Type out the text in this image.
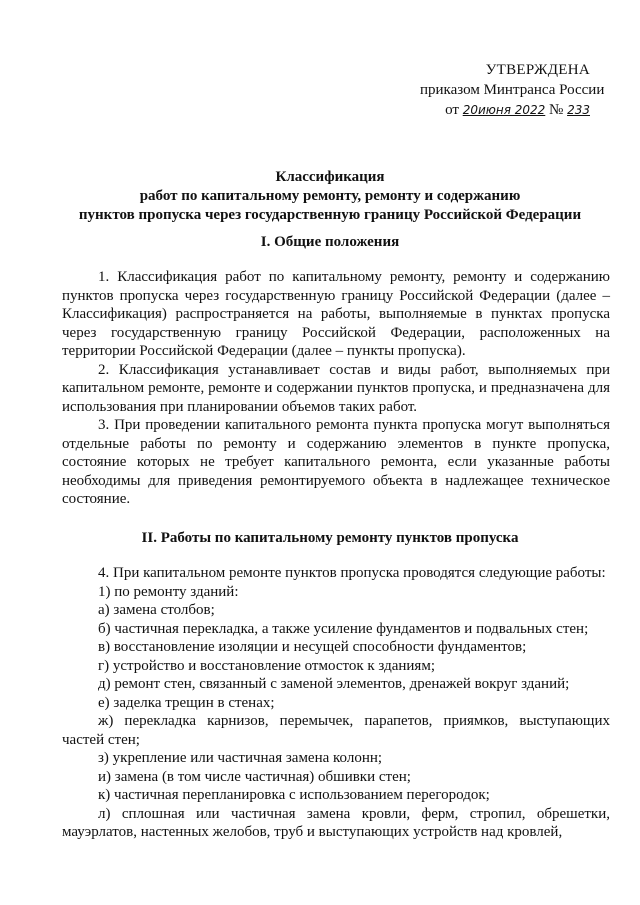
УТВЕРЖДЕНА
приказом Минтранса России
от 20июня 2022 № 233
Классификация
работ по капитальному ремонту, ремонту и содержанию
пунктов пропуска через государственную границу Российской Федерации
I. Общие положения

1. Классификация работ по капитальному ремонту, ремонту и содержанию пунктов пропуска через государственную границу Российской Федерации (далее – Классификация) распространяется на работы, выполняемые в пунктах пропуска через государственную границу Российской Федерации, расположенных на территории Российской Федерации (далее – пункты пропуска).

2. Классификация устанавливает состав и виды работ, выполняемых при капитальном ремонте, ремонте и содержании пунктов пропуска, и предназначена для использования при планировании объемов таких работ.

3. При проведении капитального ремонта пункта пропуска могут выполняться отдельные работы по ремонту и содержанию элементов в пункте пропуска, состояние которых не требует капитального ремонта, если указанные работы необходимы для приведения ремонтируемого объекта в надлежащее техническое состояние.

II. Работы по капитальному ремонту пунктов пропуска

4. При капитальном ремонте пунктов пропуска проводятся следующие работы:

1) по ремонту зданий:

а) замена столбов;

б) частичная перекладка, а также усиление фундаментов и подвальных стен;

в) восстановление изоляции и несущей способности фундаментов;

г) устройство и восстановление отмосток к зданиям;

д) ремонт стен, связанный с заменой элементов, дренажей вокруг зданий;

е) заделка трещин в стенах;

ж) перекладка карнизов, перемычек, парапетов, приямков, выступающих частей стен;

з) укрепление или частичная замена колонн;

и) замена (в том числе частичная) обшивки стен;

к) частичная перепланировка с использованием перегородок;

л) сплошная или частичная замена кровли, ферм, стропил, обрешетки, мауэрлатов, настенных желобов, труб и выступающих устройств над кровлей,
